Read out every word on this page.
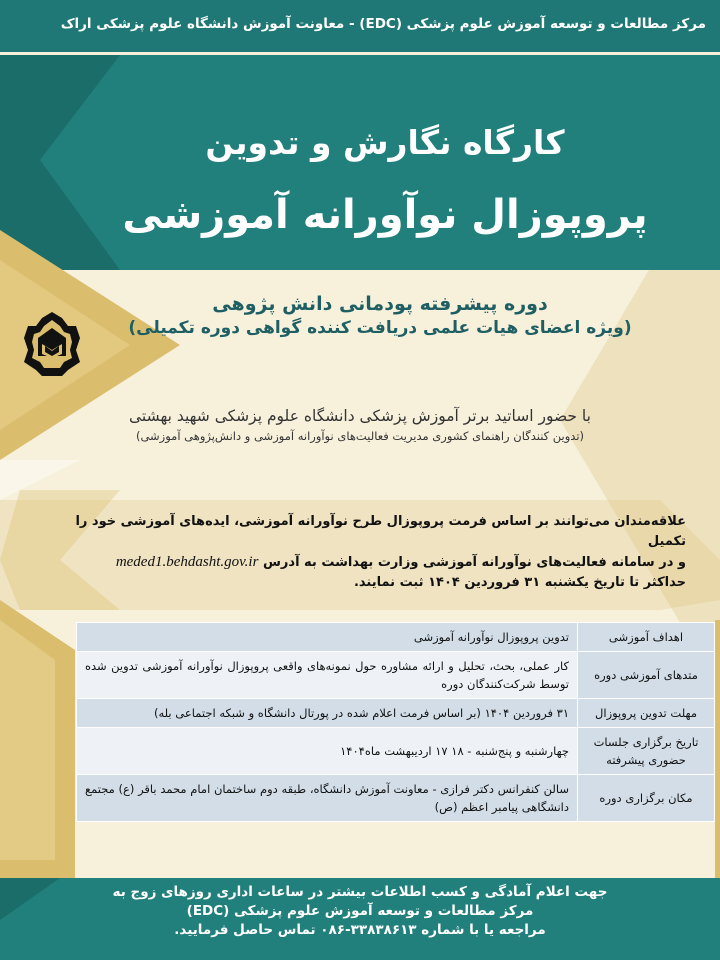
مرکز مطالعات و توسعه آموزش علوم پزشکی (EDC) - معاونت آموزش دانشگاه علوم پزشکی اراک
کارگاه نگارش و تدوین
پروپوزال نوآورانه آموزشی
دوره پیشرفته پودمانی دانش پژوهی
(ویژه اعضای هیات علمی دریافت کننده گواهی دوره تکمیلی)
با حضور اساتید برتر آموزش پزشکی دانشگاه علوم پزشکی شهید بهشتی
(تدوین کنندگان راهنمای کشوری مدیریت فعالیت‌های نوآورانه آموزشی و دانش‌پژوهی آموزشی)
علاقه‌مندان می‌توانند بر اساس فرمت پروپوزال طرح نوآورانه آموزشی، ایده‌های آموزشی خود را تکمیل
و در سامانه فعالیت‌های نوآورانه آموزشی وزارت بهداشت به آدرس meded1.behdasht.gov.ir
حداکثر تا تاریخ یکشنبه ۳۱ فروردین ۱۴۰۴ ثبت نمایند.
اهداف آموزشی	تدوین پروپوزال نوآورانه آموزشی
متدهای آموزشی دوره	کار عملی، بحث، تحلیل و ارائه مشاوره حول نمونه‌های واقعی پروپوزال نوآورانه آموزشی تدوین شده توسط شرکت‌کنندگان دوره
مهلت تدوین پروپوزال	۳۱ فروردین ۱۴۰۴ (بر اساس فرمت اعلام شده در پورتال دانشگاه و شبکه اجتماعی بله)
تاریخ برگزاری جلسات حضوری پیشرفته	چهارشنبه و پنج‌شنبه - ۱۸ ۱۷ اردیبهشت ماه۱۴۰۴
مکان برگزاری دوره	سالن کنفرانس دکتر فرازی - معاونت آموزش دانشگاه، طبقه دوم ساختمان امام محمد باقر (ع) مجتمع دانشگاهی پیامبر اعظم (ص)
جهت اعلام آمادگی و کسب اطلاعات بیشتر در ساعات اداری روزهای زوج به
مرکز مطالعات و توسعه آموزش علوم پزشکی (EDC)
مراجعه یا با شماره ۳۳۸۳۸۶۱۳-۰۸۶ تماس حاصل فرمایید.
